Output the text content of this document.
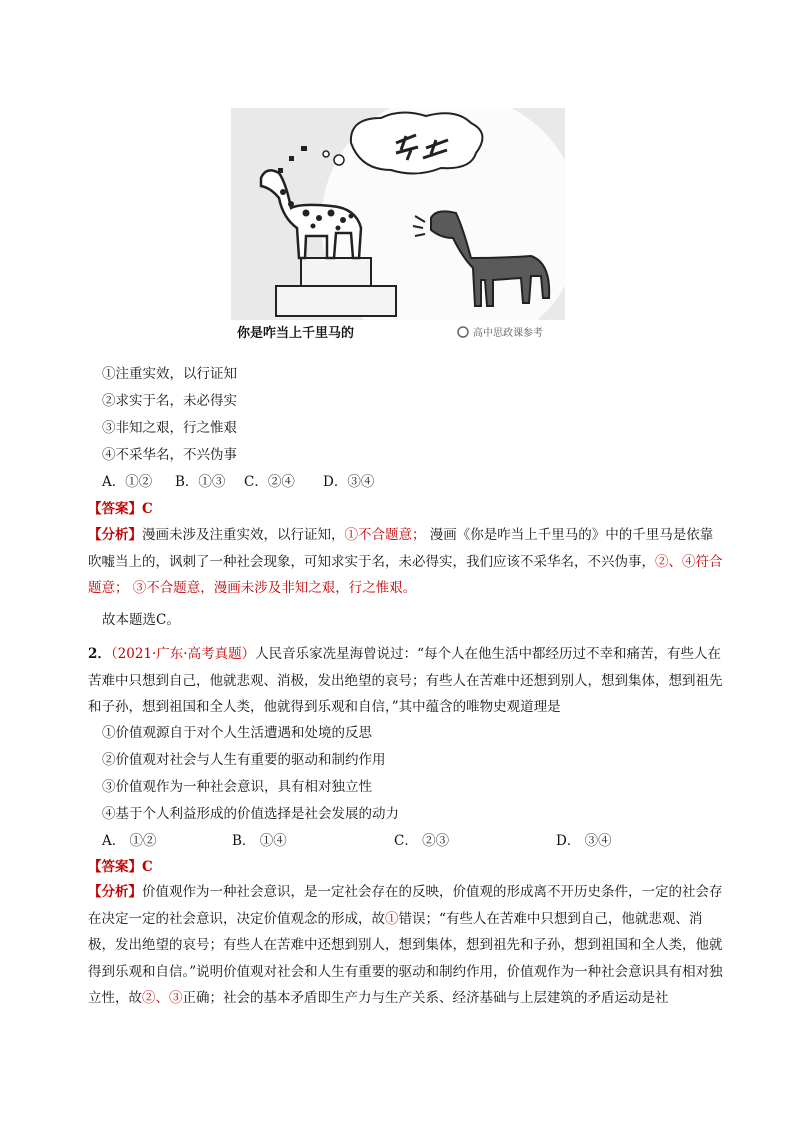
你是咋当上千里马的	高中思政课参考
①注重实效，以行证知
②求实于名，未必得实
③非知之艰，行之惟艰
④不采华名，不兴伪事
A．①② B．①③ C．②④ D．③④
【答案】C
【分析】漫画未涉及注重实效，以行证知，①不合题意； 漫画《你是咋当上千里马的》中的千里马是依靠吹嘘当上的，讽刺了一种社会现象，可知求实于名，未必得实，我们应该不采华名，不兴伪事，②、④符合题意； ③不合题意，漫画未涉及非知之艰，行之惟艰。
故本题选C。
2．（2021·广东·高考真题）人民音乐家冼星海曾说过：“每个人在他生活中都经历过不幸和痛苦，有些人在苦难中只想到自己，他就悲观、消极，发出绝望的哀号；有些人在苦难中还想到别人，想到集体，想到祖先和子孙，想到祖国和全人类，他就得到乐观和自信，”其中蕴含的唯物史观道理是
①价值观源自于对个人生活遭遇和处境的反思
②价值观对社会与人生有重要的驱动和制约作用
③价值观作为一种社会意识，具有相对独立性
④基于个人利益形成的价值选择是社会发展的动力
A． ①②	B． ①④	C． ②③	D． ③④
【答案】C
【分析】价值观作为一种社会意识，是一定社会存在的反映，价值观的形成离不开历史条件，一定的社会存在决定一定的社会意识，决定价值观念的形成，故①错误；“有些人在苦难中只想到自己，他就悲观、消极，发出绝望的哀号；有些人在苦难中还想到别人，想到集体，想到祖先和子孙，想到祖国和全人类，他就得到乐观和自信。”说明价值观对社会和人生有重要的驱动和制约作用，价值观作为一种社会意识具有相对独立性，故②、③正确；社会的基本矛盾即生产力与生产关系、经济基础与上层建筑的矛盾运动是社
